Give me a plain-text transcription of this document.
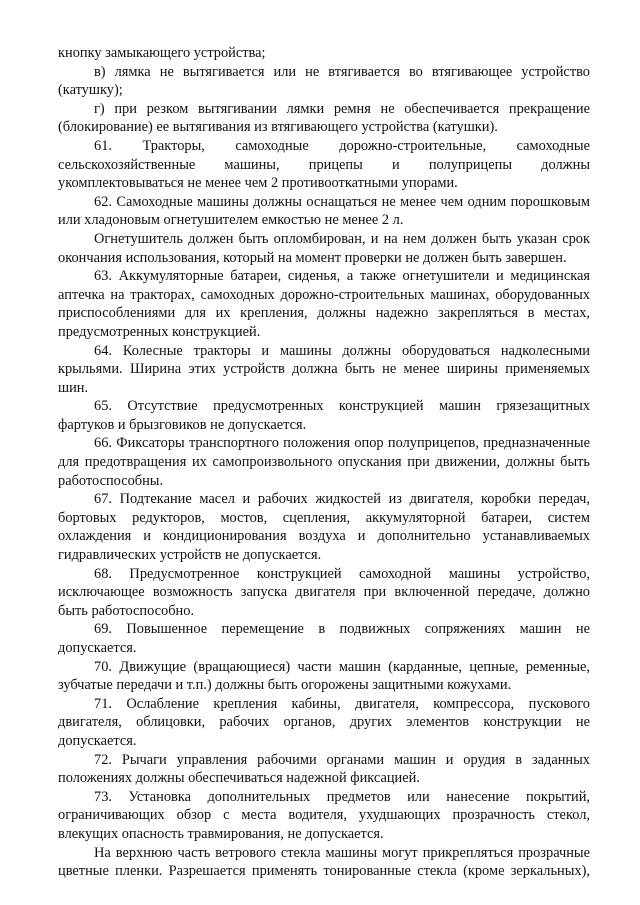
кнопку замыкающего устройства;

в) лямка не вытягивается или не втягивается во втягивающее устройство (катушку);

г) при резком вытягивании лямки ремня не обеспечивается прекращение (блокирование) ее вытягивания из втягивающего устройства (катушки).

61. Тракторы, самоходные дорожно-строительные, самоходные сельскохозяйственные машины, прицепы и полуприцепы должны укомплектовываться не менее чем 2 противооткатными упорами.

62. Самоходные машины должны оснащаться не менее чем одним порошковым или хладоновым огнетушителем емкостью не менее 2 л.

Огнетушитель должен быть опломбирован, и на нем должен быть указан срок окончания использования, который на момент проверки не должен быть завершен.

63. Аккумуляторные батареи, сиденья, а также огнетушители и медицинская аптечка на тракторах, самоходных дорожно-строительных машинах, оборудованных приспособлениями для их крепления, должны надежно закрепляться в местах, предусмотренных конструкцией.

64. Колесные тракторы и машины должны оборудоваться надколесными крыльями. Ширина этих устройств должна быть не менее ширины применяемых шин.

65. Отсутствие предусмотренных конструкцией машин грязезащитных фартуков и брызговиков не допускается.

66. Фиксаторы транспортного положения опор полуприцепов, предназначенные для предотвращения их самопроизвольного опускания при движении, должны быть работоспособны.

67. Подтекание масел и рабочих жидкостей из двигателя, коробки передач, бортовых редукторов, мостов, сцепления, аккумуляторной батареи, систем охлаждения и кондиционирования воздуха и дополнительно устанавливаемых гидравлических устройств не допускается.

68. Предусмотренное конструкцией самоходной машины устройство, исключающее возможность запуска двигателя при включенной передаче, должно быть работоспособно.

69. Повышенное перемещение в подвижных сопряжениях машин не допускается.

70. Движущие (вращающиеся) части машин (карданные, цепные, ременные, зубчатые передачи и т.п.) должны быть огорожены защитными кожухами.

71. Ослабление крепления кабины, двигателя, компрессора, пускового двигателя, облицовки, рабочих органов, других элементов конструкции не допускается.

72. Рычаги управления рабочими органами машин и орудия в заданных положениях должны обеспечиваться надежной фиксацией.

73. Установка дополнительных предметов или нанесение покрытий, ограничивающих обзор с места водителя, ухудшающих прозрачность стекол, влекущих опасность травмирования, не допускается.

На верхнюю часть ветрового стекла машины могут прикрепляться прозрачные цветные пленки. Разрешается применять тонированные стекла (кроме зеркальных),
